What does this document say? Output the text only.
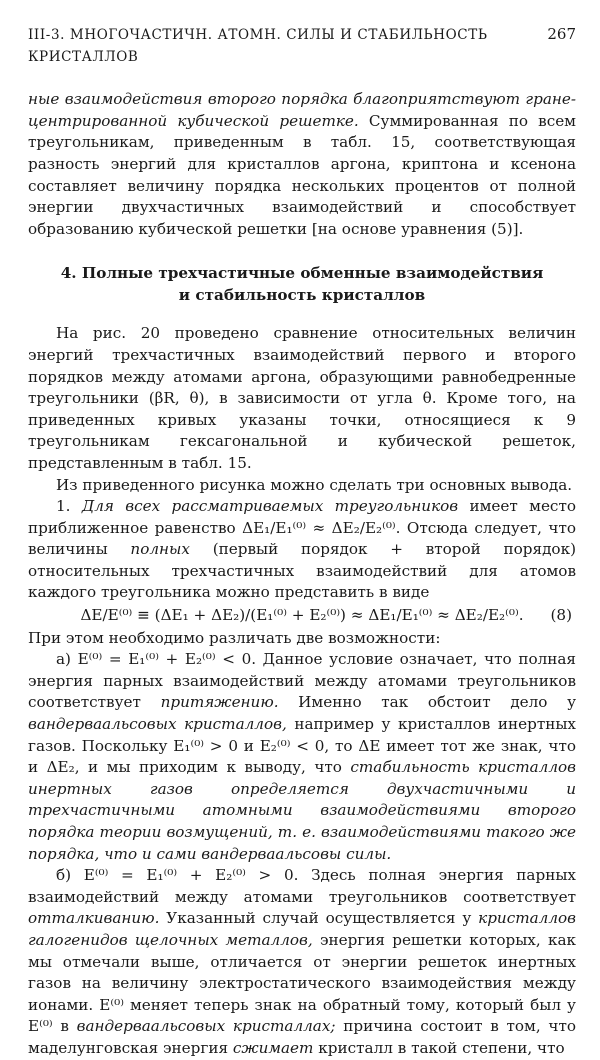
III-3. МНОГОЧАСТИЧН. АТОМН. СИЛЫ И СТАБИЛЬНОСТЬ КРИСТАЛЛОВ
267

ные взаимодействия второго порядка благоприятствуют гране-центрированной кубической решетке. Суммированная по всем треугольникам, приведенным в табл. 15, соответствующая разность энергий для кристаллов аргона, криптона и ксенона составляет величину порядка нескольких процентов от полной энергии двухчастичных взаимодействий и способствует образованию кубической решетки [на основе уравнения (5)].

4. Полные трехчастичные обменные взаимодействия
и стабильность кристаллов

На рис. 20 проведено сравнение относительных величин энергий трехчастичных взаимодействий первого и второго порядков между атомами аргона, образующими равнобедренные треугольники (βR, θ), в зависимости от угла θ. Кроме того, на приведенных кривых указаны точки, относящиеся к 9 треугольникам гексагональной и кубической решеток, представленным в табл. 15.

Из приведенного рисунка можно сделать три основных вывода.

1. Для всех рассматриваемых треугольников имеет место приближенное равенство ΔE₁/E₁⁽⁰⁾ ≈ ΔE₂/E₂⁽⁰⁾. Отсюда следует, что величины полных (первый порядок + второй порядок) относительных трехчастичных взаимодействий для атомов каждого треугольника можно представить в виде

ΔE/E⁽⁰⁾ ≡ (ΔE₁ + ΔE₂)/(E₁⁽⁰⁾ + E₂⁽⁰⁾) ≈ ΔE₁/E₁⁽⁰⁾ ≈ ΔE₂/E₂⁽⁰⁾. (8)

При этом необходимо различать две возможности:

а) E⁽⁰⁾ = E₁⁽⁰⁾ + E₂⁽⁰⁾ < 0. Данное условие означает, что полная энергия парных взаимодействий между атомами треугольников соответствует притяжению. Именно так обстоит дело у вандерваальсовых кристаллов, например у кристаллов инертных газов. Поскольку E₁⁽⁰⁾ > 0 и E₂⁽⁰⁾ < 0, то ΔE имеет тот же знак, что и ΔE₂, и мы приходим к выводу, что стабильность кристаллов инертных газов определяется двухчастичными и трехчастичными атомными взаимодействиями второго порядка теории возмущений, т. е. взаимодействиями такого же порядка, что и сами вандерваальсовы силы.

б) E⁽⁰⁾ = E₁⁽⁰⁾ + E₂⁽⁰⁾ > 0. Здесь полная энергия парных взаимодействий между атомами треугольников соответствует отталкиванию. Указанный случай осуществляется у кристаллов галогенидов щелочных металлов, энергия решетки которых, как мы отмечали выше, отличается от энергии решеток инертных газов на величину электростатического взаимодействия между ионами. E⁽⁰⁾ меняет теперь знак на обратный тому, который был у E⁽⁰⁾ в вандерваальсовых кристаллах; причина состоит в том, что маделунговская энергия сжимает кристалл в такой степени, что
